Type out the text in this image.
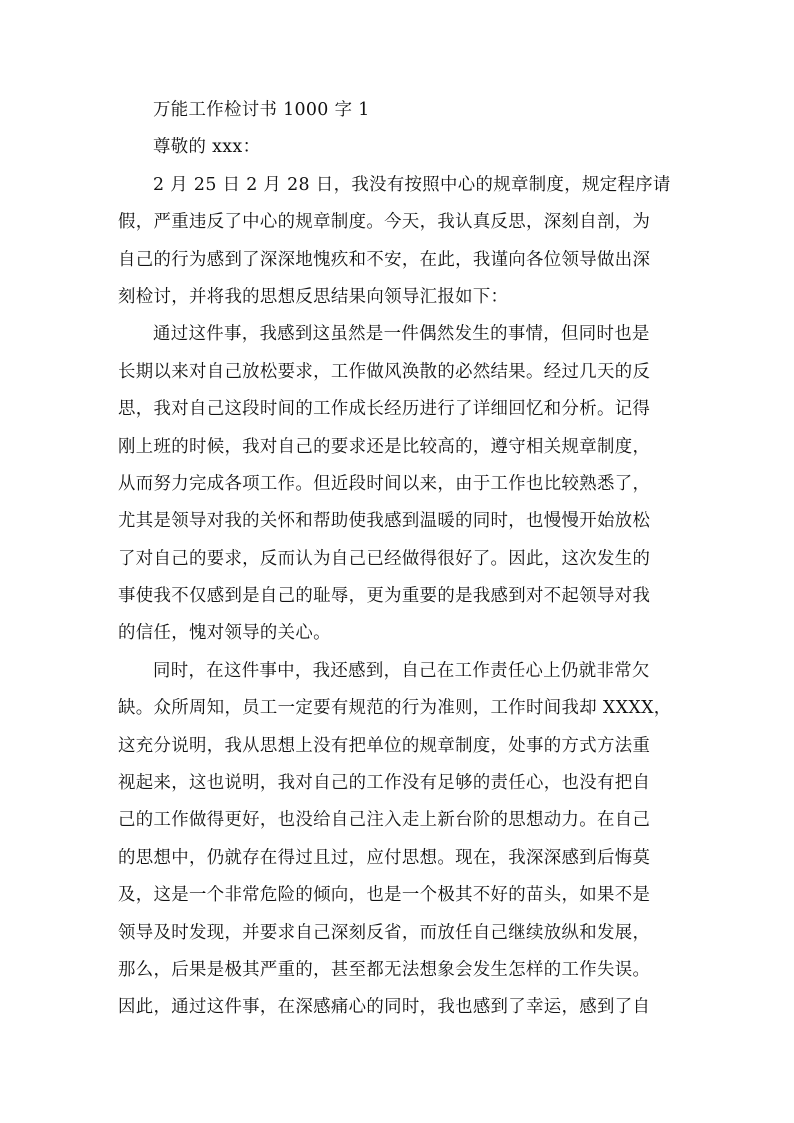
万能工作检讨书 1000 字 1
尊敬的 xxx：
2 月 25 日 2 月 28 日，我没有按照中心的规章制度，规定程序请
假，严重违反了中心的规章制度。今天，我认真反思，深刻自剖，为
自己的行为感到了深深地愧疚和不安，在此，我谨向各位领导做出深
刻检讨，并将我的思想反思结果向领导汇报如下：
通过这件事，我感到这虽然是一件偶然发生的事情，但同时也是
长期以来对自己放松要求，工作做风涣散的必然结果。经过几天的反
思，我对自己这段时间的工作成长经历进行了详细回忆和分析。记得
刚上班的时候，我对自己的要求还是比较高的，遵守相关规章制度，
从而努力完成各项工作。但近段时间以来，由于工作也比较熟悉了，
尤其是领导对我的关怀和帮助使我感到温暖的同时，也慢慢开始放松
了对自己的要求，反而认为自己已经做得很好了。因此，这次发生的
事使我不仅感到是自己的耻辱，更为重要的是我感到对不起领导对我
的信任，愧对领导的关心。
同时，在这件事中，我还感到，自己在工作责任心上仍就非常欠
缺。众所周知，员工一定要有规范的行为准则，工作时间我却 XXXX，
这充分说明，我从思想上没有把单位的规章制度，处事的方式方法重
视起来，这也说明，我对自己的工作没有足够的责任心，也没有把自
己的工作做得更好，也没给自己注入走上新台阶的思想动力。在自己
的思想中，仍就存在得过且过，应付思想。现在，我深深感到后悔莫
及，这是一个非常危险的倾向，也是一个极其不好的苗头，如果不是
领导及时发现，并要求自己深刻反省，而放任自己继续放纵和发展，
那么，后果是极其严重的，甚至都无法想象会发生怎样的工作失误。
因此，通过这件事，在深感痛心的同时，我也感到了幸运，感到了自
